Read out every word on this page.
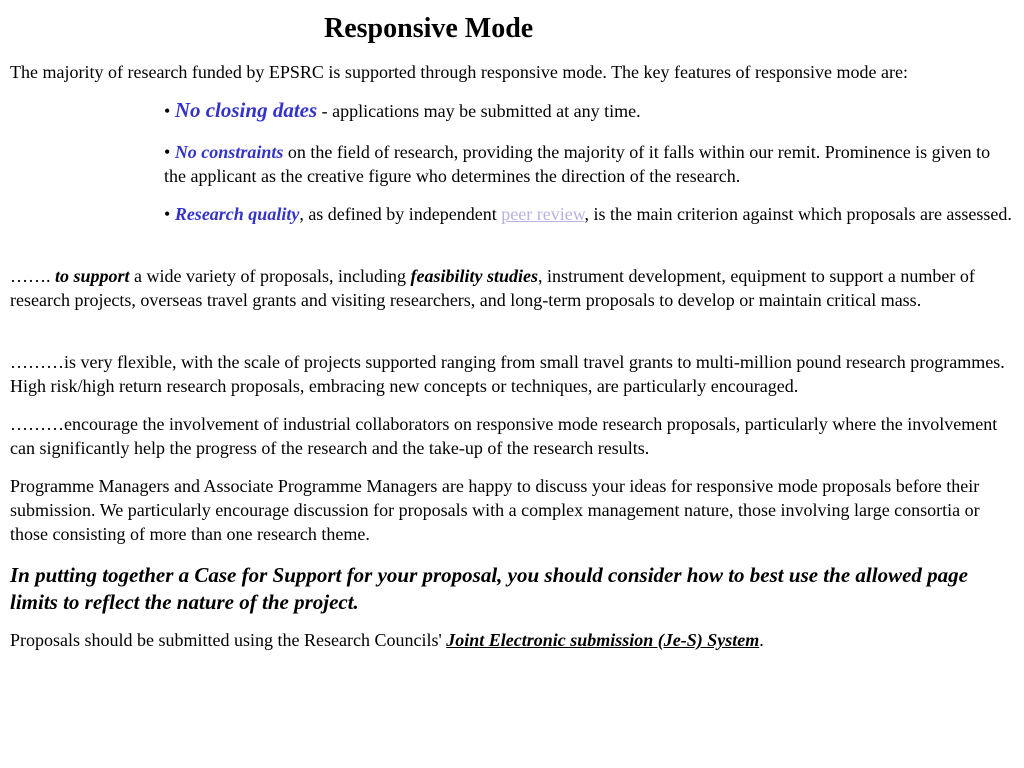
Responsive Mode

The majority of research funded by EPSRC is supported through responsive mode. The key features of responsive mode are:

• No closing dates - applications may be submitted at any time.

• No constraints on the field of research, providing the majority of it falls within our remit. Prominence is given to the applicant as the creative figure who determines the direction of the research.

• Research quality, as defined by independent peer review, is the main criterion against which proposals are assessed.

……. to support a wide variety of proposals, including feasibility studies, instrument development, equipment to support a number of research projects, overseas travel grants and visiting researchers, and long-term proposals to develop or maintain critical mass.

………is very flexible, with the scale of projects supported ranging from small travel grants to multi-million pound research programmes. High risk/high return research proposals, embracing new concepts or techniques, are particularly encouraged.

………encourage the involvement of industrial collaborators on responsive mode research proposals, particularly where the involvement can significantly help the progress of the research and the take-up of the research results.

Programme Managers and Associate Programme Managers are happy to discuss your ideas for responsive mode proposals before their submission. We particularly encourage discussion for proposals with a complex management nature, those involving large consortia or those consisting of more than one research theme.

In putting together a Case for Support for your proposal, you should consider how to best use the allowed page limits to reflect the nature of the project.

Proposals should be submitted using the Research Councils' Joint Electronic submission (Je-S) System.
